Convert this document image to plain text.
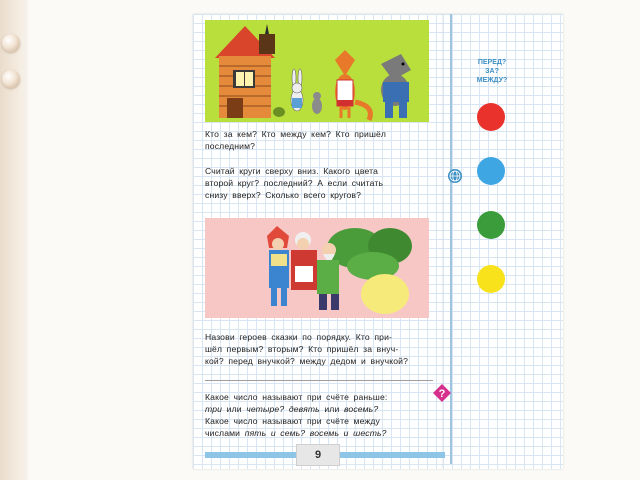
Кто за кем? Кто между кем? Кто пришёл
последним?
Считай круги сверху вниз. Какого цвета
второй круг? последний? А если считать
снизу вверх? Сколько всего кругов?
Назови героев сказки по порядку. Кто при-
шёл первым? вторым? Кто пришёл за внуч-
кой? перед внучкой? между дедом и внучкой?
Какое число называют при счёте раньше:
три или четыре? девять или восемь?
Какое число называют при счёте между
числами пять и семь? восемь и шесть?
ПЕРЕД?
ЗА?
МЕЖДУ?
?
9
